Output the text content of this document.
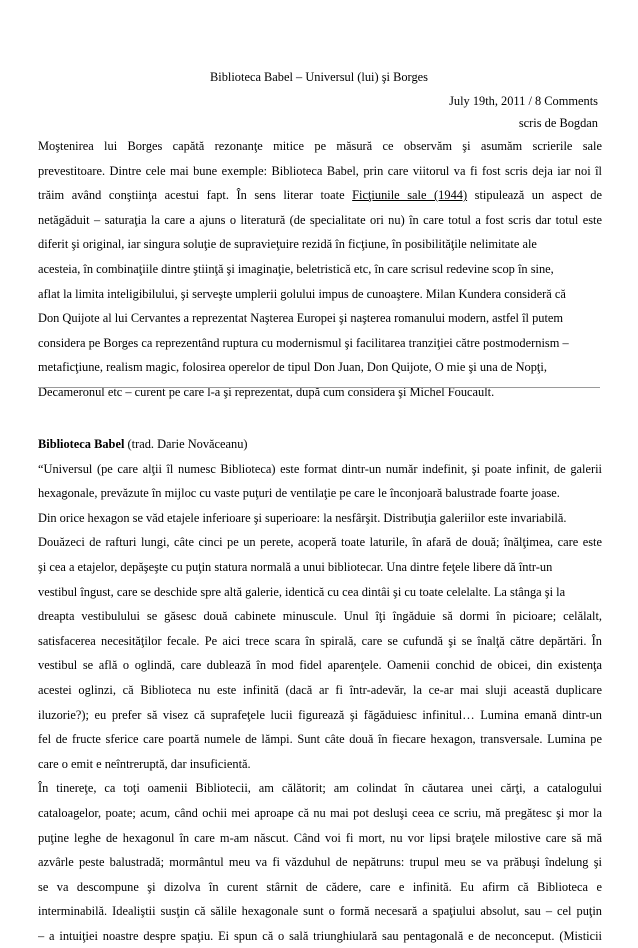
Biblioteca Babel – Universul (lui) şi Borges
July 19th, 2011 / 8 Comments
scris de Bogdan
Moştenirea lui Borges capătă rezonanţe mitice pe măsură ce observăm şi asumăm scrierile sale
prevestitoare. Dintre cele mai bune exemple: Biblioteca Babel, prin care viitorul va fi fost scris deja iar noi îl
trăim având conştiinţa acestui fapt. În sens literar toate Ficţiunile sale (1944) stipulează un aspect de
netăgăduit – saturaţia la care a ajuns o literatură (de specialitate ori nu) în care totul a fost scris dar totul este
diferit şi original, iar singura soluţie de supravieţuire rezidă în ficţiune, în posibilităţile nelimitate ale
acesteia, în combinaţiile dintre ştiinţă şi imaginaţie, beletristică etc, în care scrisul redevine scop în sine,
aflat la limita inteligibilului, şi serveşte umplerii golului impus de cunoaştere. Milan Kundera consideră că
Don Quijote al lui Cervantes a reprezentat Naşterea Europei şi naşterea romanului modern, astfel îl putem
considera pe Borges ca reprezentând ruptura cu modernismul şi facilitarea tranziţiei către postmodernism –
metaficţiune, realism magic, folosirea operelor de tipul Don Juan, Don Quijote, O mie şi una de Nopţi,
Decameronul etc – curent pe care l-a şi reprezentat, după cum considera şi Michel Foucault.
Biblioteca Babel (trad. Darie Novăceanu)
“Universul (pe care alţii îl numesc Biblioteca) este format dintr-un număr indefinit, şi poate infinit, de galerii
hexagonale, prevăzute în mijloc cu vaste puţuri de ventilaţie pe care le înconjoară balustrade foarte joase.
Din orice hexagon se văd etajele inferioare şi superioare: la nesfârşit. Distribuţia galeriilor este invariabilă.
Douăzeci de rafturi lungi, câte cinci pe un perete, acoperă toate laturile, în afară de două; înălţimea, care este
şi cea a etajelor, depăşeşte cu puţin statura normală a unui bibliotecar. Una dintre feţele libere dă într-un
vestibul îngust, care se deschide spre altă galerie, identică cu cea dintâi şi cu toate celelalte. La stânga şi la
dreapta vestibulului se găsesc două cabinete minuscule. Unul îţi îngăduie să dormi în picioare; celălalt,
satisfacerea necesităţilor fecale. Pe aici trece scara în spirală, care se cufundă şi se înalţă către depărtări. În
vestibul se află o oglindă, care dublează în mod fidel aparenţele. Oamenii conchid de obicei, din existenţa
acestei oglinzi, că Biblioteca nu este infinită (dacă ar fi într-adevăr, la ce-ar mai sluji această duplicare
iluzorie?); eu prefer să visez că suprafeţele lucii figurează şi făgăduiesc infinitul… Lumina emană dintr-un
fel de fructe sferice care poartă numele de lămpi. Sunt câte două în fiecare hexagon, transversale. Lumina pe
care o emit e neîntreruptă, dar insuficientă.
În tinereţe, ca toţi oamenii Bibliotecii, am călătorit; am colindat în căutarea unei cărţi, a catalogului
cataloagelor, poate; acum, când ochii mei aproape că nu mai pot desluşi ceea ce scriu, mă pregătesc şi mor la
puţine leghe de hexagonul în care m-am născut. Când voi fi mort, nu vor lipsi braţele milostive care să mă
azvârle peste balustradă; mormântul meu va fi văzduhul de nepătruns: trupul meu se va prăbuşi îndelung şi
se va descompune şi dizolva în curent stârnit de cădere, care e infinită. Eu afirm că Biblioteca e
interminabilă. Idealiştii susţin că sălile hexagonale sunt o formă necesară a spaţiului absolut, sau – cel puţin
– a intuiţiei noastre despre spaţiu. Ei spun că o sală triunghiulară sau pentagonală e de neconceput. (Misticii
